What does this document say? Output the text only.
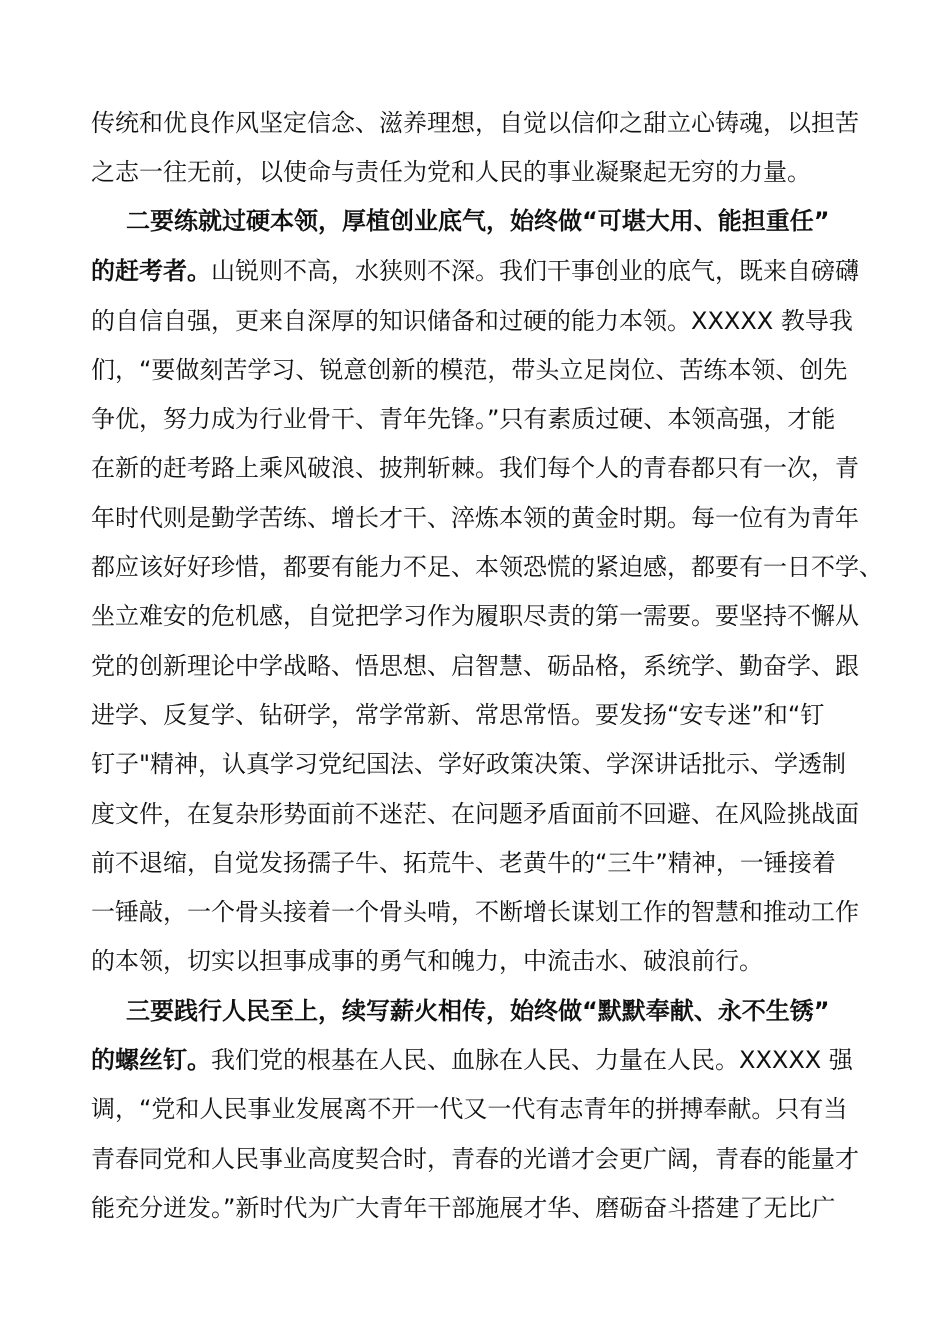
传统和优良作风坚定信念、滋养理想，自觉以信仰之甜立心铸魂，以担苦
之志一往无前，以使命与责任为党和人民的事业凝聚起无穷的力量。
二要练就过硬本领，厚植创业底气，始终做“可堪大用、能担重任”
的赶考者。山锐则不高，水狭则不深。我们干事创业的底气，既来自磅礴
的自信自强，更来自深厚的知识储备和过硬的能力本领。XXXXX 教导我
们，“要做刻苦学习、锐意创新的模范，带头立足岗位、苦练本领、创先
争优，努力成为行业骨干、青年先锋。”只有素质过硬、本领高强，才能
在新的赶考路上乘风破浪、披荆斩棘。我们每个人的青春都只有一次，青
年时代则是勤学苦练、增长才干、淬炼本领的黄金时期。每一位有为青年
都应该好好珍惜，都要有能力不足、本领恐慌的紧迫感，都要有一日不学、
坐立难安的危机感，自觉把学习作为履职尽责的第一需要。要坚持不懈从
党的创新理论中学战略、悟思想、启智慧、砺品格，系统学、勤奋学、跟
进学、反复学、钻研学，常学常新、常思常悟。要发扬“安专迷”和“钉
钉子"精神，认真学习党纪国法、学好政策决策、学深讲话批示、学透制
度文件，在复杂形势面前不迷茫、在问题矛盾面前不回避、在风险挑战面
前不退缩，自觉发扬孺子牛、拓荒牛、老黄牛的“三牛”精神，一锤接着
一锤敲，一个骨头接着一个骨头啃，不断增长谋划工作的智慧和推动工作
的本领，切实以担事成事的勇气和魄力，中流击水、破浪前行。
三要践行人民至上，续写薪火相传，始终做“默默奉献、永不生锈”
的螺丝钉。我们党的根基在人民、血脉在人民、力量在人民。XXXXX 强
调，“党和人民事业发展离不开一代又一代有志青年的拼搏奉献。只有当
青春同党和人民事业高度契合时，青春的光谱才会更广阔，青春的能量才
能充分迸发。”新时代为广大青年干部施展才华、磨砺奋斗搭建了无比广
